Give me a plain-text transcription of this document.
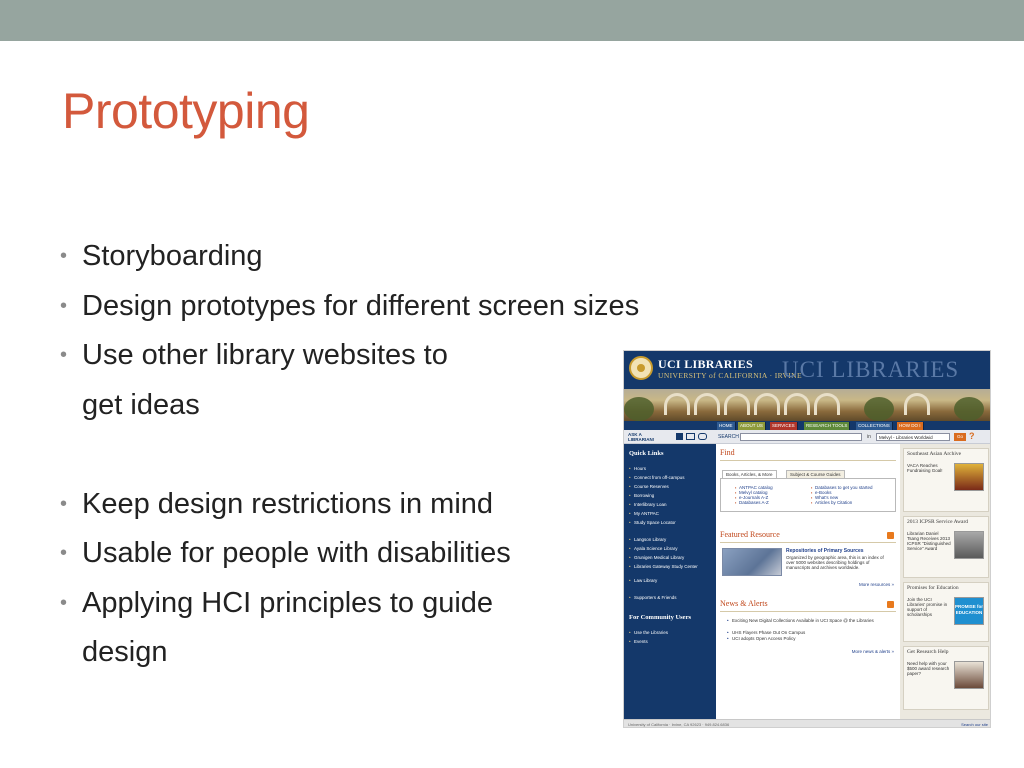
Prototyping
• Storyboarding
• Design prototypes for different screen sizes
• Use other library websites to
get ideas
• Keep design restrictions in mind
• Usable for people with disabilities
• Applying HCI principles to guide
design
UCI LIBRARIES
UNIVERSITY of CALIFORNIA · IRVINE
UCI LIBRARIES
HOME	ABOUT US	SERVICES	RESEARCH TOOLS	COLLECTIONS	HOW DO I
ASK A LIBRARIAN!	SEARCH	in	Melvyl - Libraries Worldwid	Go ?
Quick Links
• Hours
• Connect from off-campus
• Course Reserves
• Borrowing
• Interlibrary Loan
• My ANTPAC
• Study Space Locator
• Langson Library
• Ayala Science Library
• Grunigen Medical Library
• Libraries Gateway Study Center
• Law Library
• Supporters & Friends
For Community Users
• Use the Libraries
• Events
Find
Books, Articles, & More	Subject & Course Guides
▪ ANTPAC catalog
▪ Melvyl catalog
▪ e-Journals A-Z
▪ Databases A-Z
▪ Databases to get you started
▪ e-Books
▪ What's new
▪ Articles by Citation
Featured Resource
Repositories of Primary Sources
Organized by geographic area, this is an index of over 5000 websites describing holdings of manuscripts and archives worldwide.
More resources »
News & Alerts
• Exciting New Digital Collections Available in UCI Space @ the Libraries
• UHS Flayers Phase Out On Campus
• UCI adopts Open Access Policy
More news & alerts »
Southeast Asian Archive
VACA Reaches Fundraising Goal!
2013 ICPSR Service Award
Librarian Daniel Tsang Receives 2013 ICPSR "Distinguished Service" Award
Promises for Education
Join the UCI Libraries' promise in support of scholarships
PROMISE for EDUCATION
Get Research Help
Need help with your $500 award research paper?
University of California · Irvine, CA 92623 · 949.824.6836	Search our site
